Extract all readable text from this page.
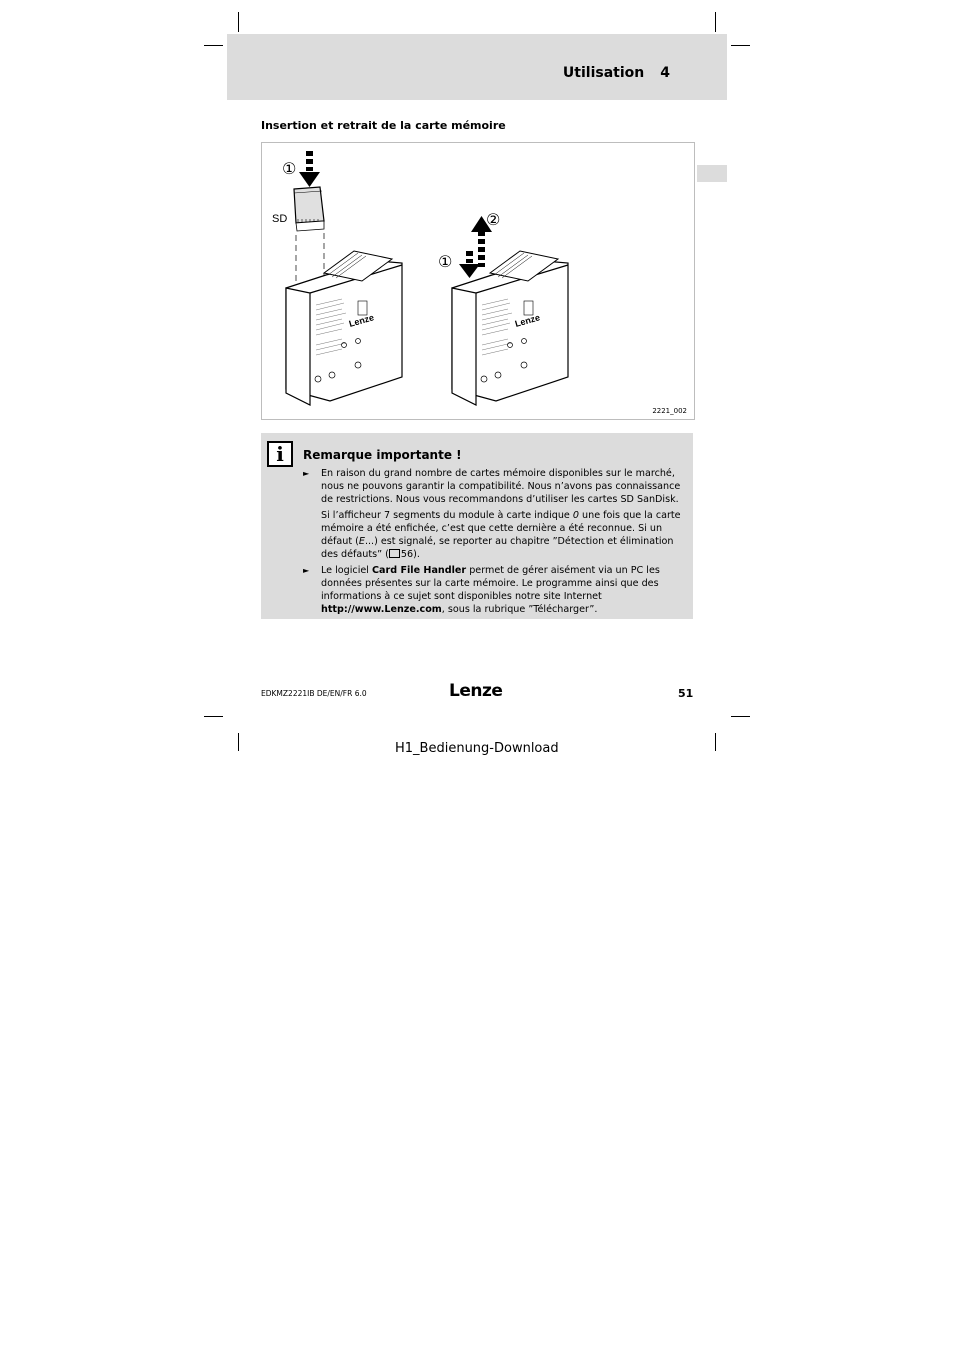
Utilisation 4
Insertion et retrait de la carte mémoire
①
SD
Lenze
②
①
Lenze
2221_002
i	Remarque importante !
► En raison du grand nombre de cartes mémoire disponibles sur le marché, nous ne pouvons garantir la compatibilité. Nous n’avons pas connaissance de restrictions. Nous vous recommandons d’utiliser les cartes SD SanDisk.

Si l’afficheur 7 segments du module à carte indique 0 une fois que la carte mémoire a été enfichée, c’est que cette dernière a été reconnue. Si un défaut (E...) est signalé, se reporter au chapitre ”Détection et élimination des défauts” ( 56).

► Le logiciel Card File Handler permet de gérer aisément via un PC les données présentes sur la carte mémoire. Le programme ainsi que des informations à ce sujet sont disponibles notre site Internet http://www.Lenze.com, sous la rubrique ”Télécharger”.

EDKMZ2221IB DE/EN/FR 6.0	Lenze	51
H1_Bedienung-Download
